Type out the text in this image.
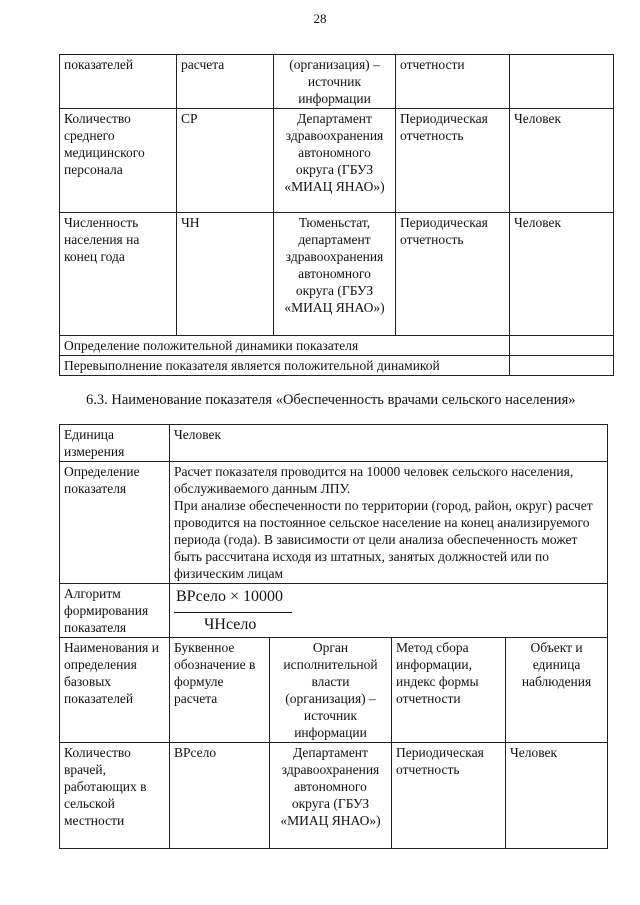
28
показателей	расчета	(организация) – источник информации	отчетности	
Количество среднего медицинского персонала	СР	Департамент здравоохранения автономного округа (ГБУЗ «МИАЦ ЯНАО»)	Периодическая отчетность	Человек
Численность населения на конец года	ЧН	Тюменьстат, департамент здравоохранения автономного округа (ГБУЗ «МИАЦ ЯНАО»)	Периодическая отчетность	Человек
Определение положительной динамики показателя				
Перевыполнение показателя является положительной динамикой				
6.3. Наименование показателя «Обеспеченность врачами сельского населения»
Единица измерения	Человек			
Определение показателя	Расчет показателя проводится на 10000 человек сельского населения, обслуживаемого данным ЛПУ.
При анализе обеспеченности по территории (город, район, округ) расчет проводится на постоянное сельское население на конец анализируемого периода (года). В зависимости от цели анализа обеспеченность может быть рассчитана исходя из штатных, занятых должностей или по физическим лицам			

Алгоритм формирования показателя	$\frac{\text{ВРсело × 10000}}{\text{ЧНсело}}$

Наименования и определения базовых показателей	Буквенное обозначение в формуле расчета	Орган исполнительной власти (организация) – источник информации	Метод сбора информации, индекс формы отчетности	Объект и единица наблюдения
Количество врачей, работающих в сельской местности	ВРсело	Департамент здравоохранения автономного округа (ГБУЗ «МИАЦ ЯНАО»)	Периодическая отчетность	Человек
